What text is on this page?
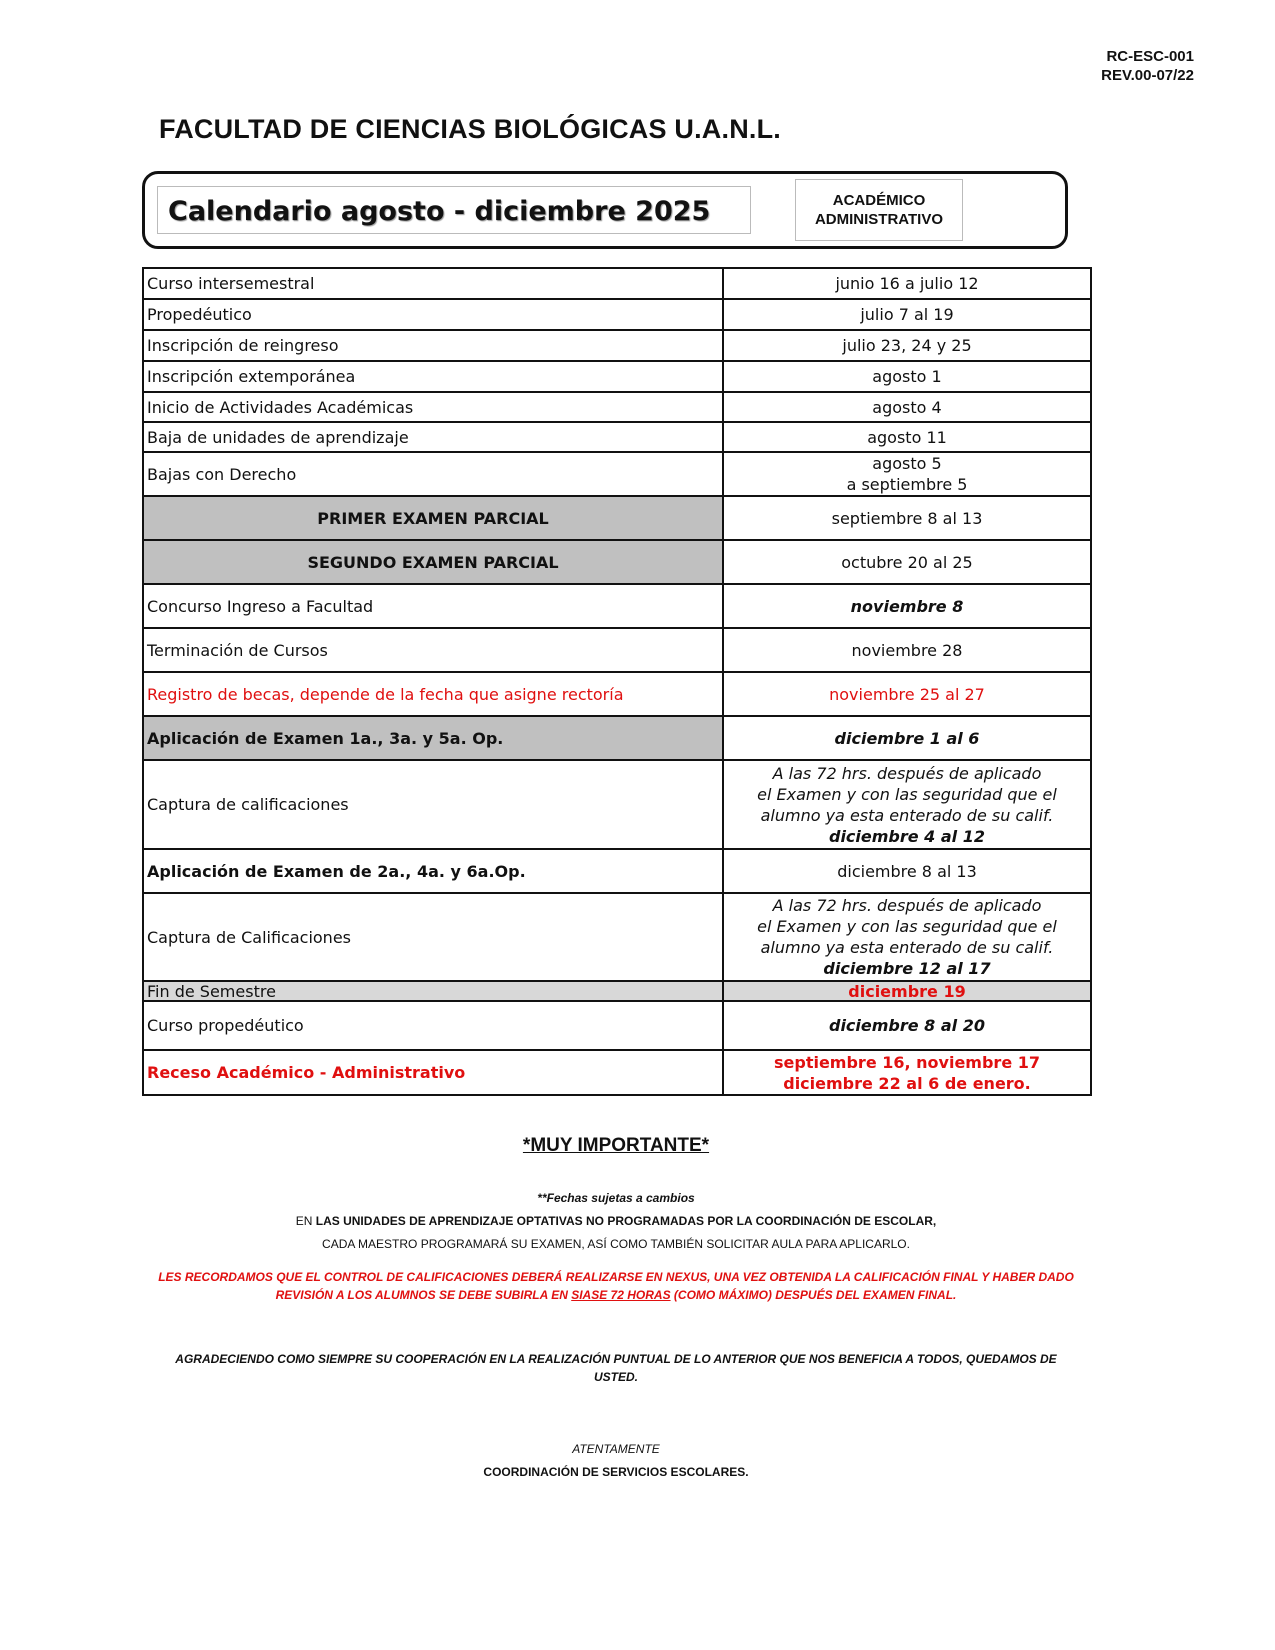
RC-ESC-001
REV.00-07/22
FACULTAD DE CIENCIAS BIOLÓGICAS U.A.N.L.
Calendario agosto - diciembre 2025	ACADÉMICO
ADMINISTRATIVO
Curso intersemestral	junio 16 a julio 12
Propedéutico	julio 7 al 19
Inscripción de reingreso	julio 23, 24 y 25
Inscripción extemporánea	agosto 1
Inicio de Actividades Académicas	agosto 4
Baja de unidades de aprendizaje	agosto 11
Bajas con Derecho	agosto 5
a septiembre 5

PRIMER EXAMEN PARCIAL	septiembre 8 al 13
SEGUNDO EXAMEN PARCIAL	octubre 20 al 25
Concurso Ingreso a Facultad	noviembre 8
Terminación de Cursos	noviembre 28
Registro de becas, depende de la fecha que asigne rectoría	noviembre 25 al 27
Aplicación de Examen 1a., 3a. y 5a. Op.	diciembre 1 al 6
Captura de calificaciones	A las 72 hrs. después de aplicado
el Examen y con las seguridad que el
alumno ya esta enterado de su calif.
diciembre 4 al 12

Aplicación de Examen de 2a., 4a. y 6a.Op.	diciembre 8 al 13
Captura de Calificaciones	A las 72 hrs. después de aplicado
el Examen y con las seguridad que el
alumno ya esta enterado de su calif.
diciembre 12 al 17

Fin de Semestre	diciembre 19
Curso propedéutico	diciembre 8 al 20
Receso Académico - Administrativo	septiembre 16, noviembre 17
diciembre 22 al 6 de enero.
*MUY IMPORTANTE*
**Fechas sujetas a cambios
EN LAS UNIDADES DE APRENDIZAJE OPTATIVAS NO PROGRAMADAS POR LA COORDINACIÓN DE ESCOLAR,
CADA MAESTRO PROGRAMARÁ SU EXAMEN, ASÍ COMO TAMBIÉN SOLICITAR AULA PARA APLICARLO.
LES RECORDAMOS QUE EL CONTROL DE CALIFICACIONES DEBERÁ REALIZARSE EN NEXUS, UNA VEZ OBTENIDA LA CALIFICACIÓN FINAL Y HABER DADO
REVISIÓN A LOS ALUMNOS SE DEBE SUBIRLA EN SIASE 72 HORAS (COMO MÁXIMO) DESPUÉS DEL EXAMEN FINAL.
AGRADECIENDO COMO SIEMPRE SU COOPERACIÓN EN LA REALIZACIÓN PUNTUAL DE LO ANTERIOR QUE NOS BENEFICIA A TODOS, QUEDAMOS DE
USTED.
ATENTAMENTE
COORDINACIÓN DE SERVICIOS ESCOLARES.
